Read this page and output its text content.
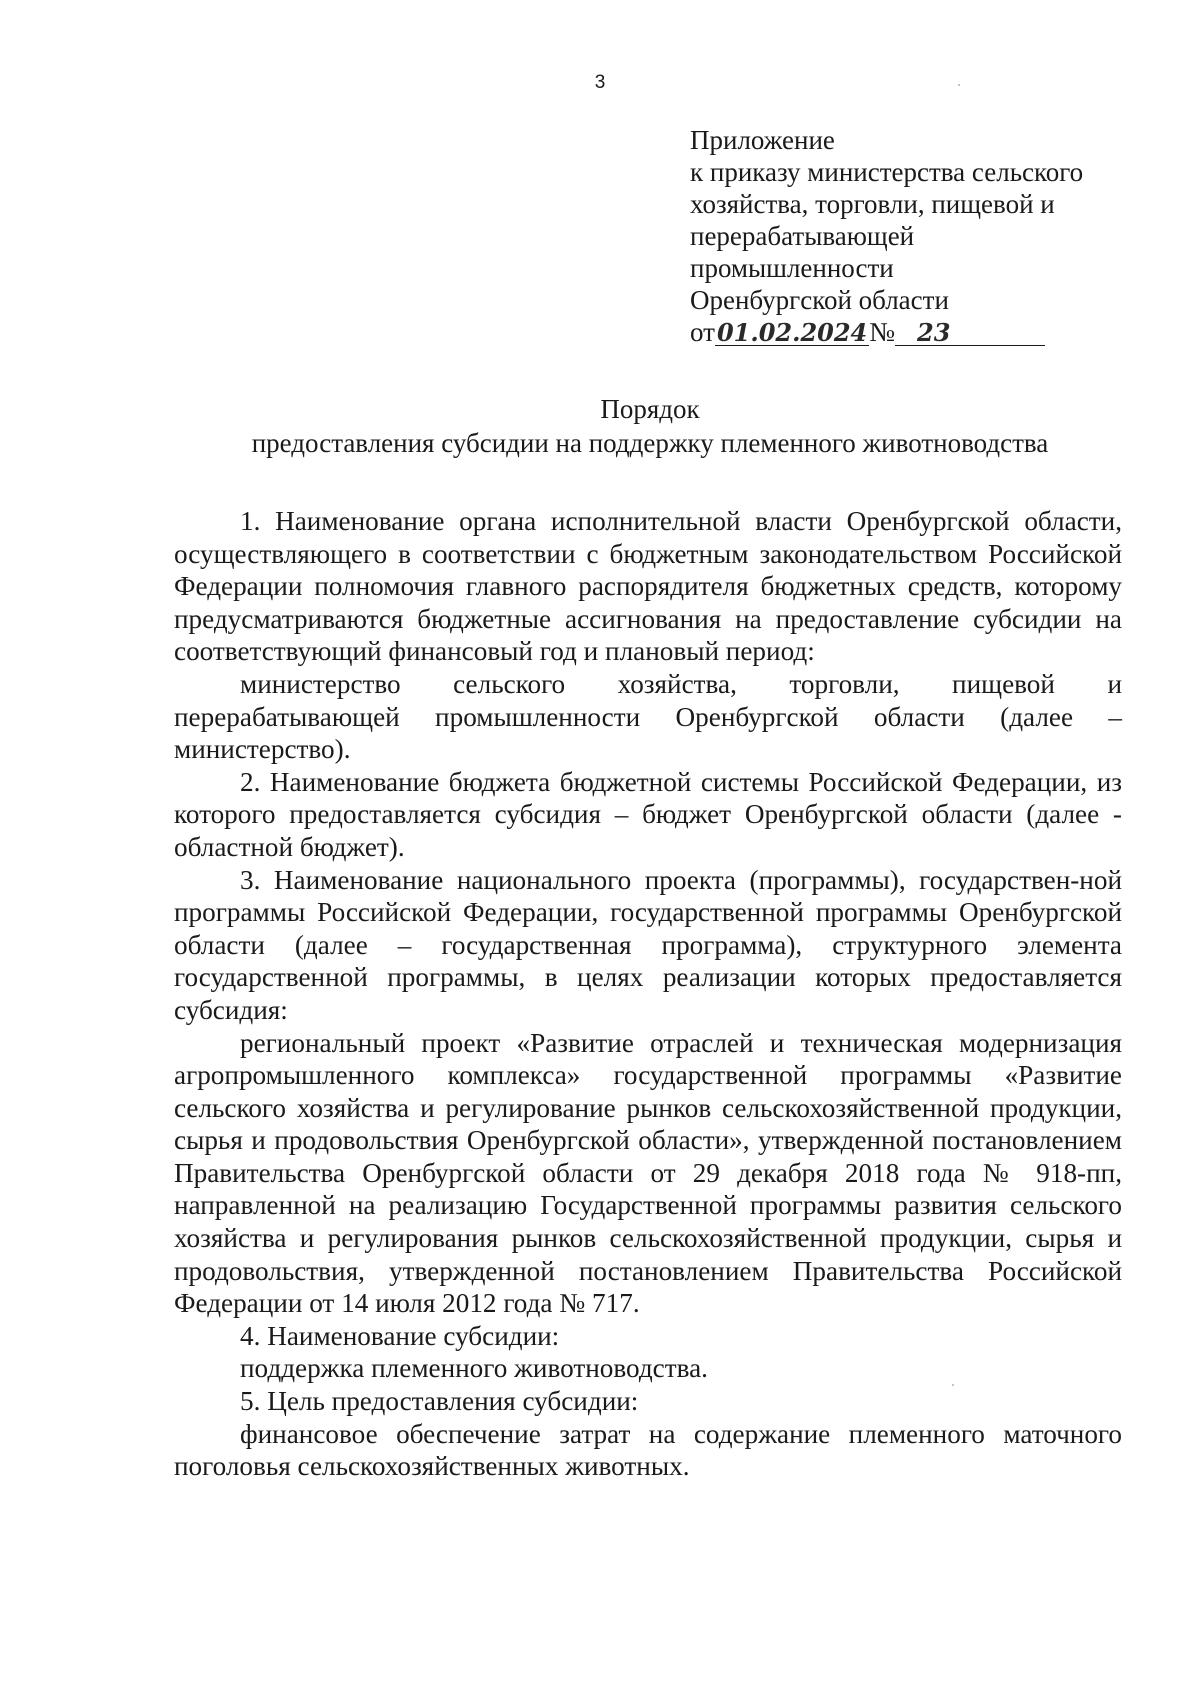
3
Приложение
к приказу министерства сельского
хозяйства, торговли, пищевой и
перерабатывающей
промышленности
Оренбургской области
от01.02.2024№ 23
Порядок
предоставления субсидии на поддержку племенного животноводства

1. Наименование органа исполнительной власти Оренбургской области, осуществляющего в соответствии с бюджетным законодательством Российской Федерации полномочия главного распорядителя бюджетных средств, которому предусматриваются бюджетные ассигнования на предоставление субсидии на соответствующий финансовый год и плановый период:

министерство сельского хозяйства, торговли, пищевой и перерабатывающей промышленности Оренбургской области (далее – министерство).

2. Наименование бюджета бюджетной системы Российской Федерации, из которого предоставляется субсидия – бюджет Оренбургской области (далее - областной бюджет).

3. Наименование национального проекта (программы), государствен-ной программы Российской Федерации, государственной программы Оренбургской области (далее – государственная программа), структурного элемента государственной программы, в целях реализации которых предоставляется субсидия:

региональный проект «Развитие отраслей и техническая модернизация агропромышленного комплекса» государственной программы «Развитие сельского хозяйства и регулирование рынков сельскохозяйственной продукции, сырья и продовольствия Оренбургской области», утвержденной постановлением Правительства Оренбургской области от 29 декабря 2018 года № 918-пп, направленной на реализацию Государственной программы развития сельского хозяйства и регулирования рынков сельскохозяйственной продукции, сырья и продовольствия, утвержденной постановлением Правительства Российской Федерации от 14 июля 2012 года № 717.

4. Наименование субсидии:

поддержка племенного животноводства.

5. Цель предоставления субсидии:

финансовое обеспечение затрат на содержание племенного маточного поголовья сельскохозяйственных животных.
